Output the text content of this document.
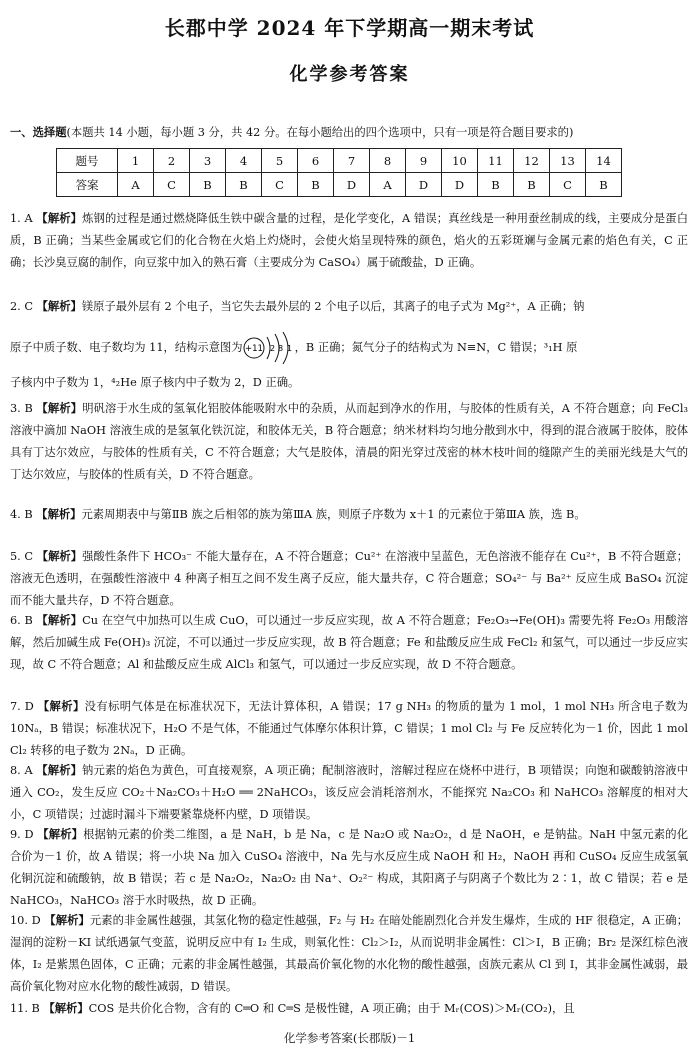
长郡中学 2024 年下学期高一期末考试
化学参考答案
一、选择题(本题共 14 小题，每小题 3 分，共 42 分。在每小题给出的四个选项中，只有一项是符合题目要求的)
题号	1	2	3	4	5	6	7	8	9	10	11	12	13	14
答案	A	C	B	B	C	B	D	A	D	D	B	B	C	B
1. A 【解析】炼钢的过程是通过燃烧降低生铁中碳含量的过程，是化学变化，A 错误；真丝线是一种用蚕丝制成的线，主要成分是蛋白质，B 正确；当某些金属或它们的化合物在火焰上灼烧时，会使火焰呈现特殊的颜色，焰火的五彩斑斓与金属元素的焰色有关，C 正确；长沙臭豆腐的制作，向豆浆中加入的熟石膏（主要成分为 CaSO₄）属于硫酸盐，D 正确。
2. C 【解析】镁原子最外层有 2 个电子，当它失去最外层的 2 个电子以后，其离子的电子式为 Mg²⁺，A 正确；钠
原子中质子数、电子数均为 11，结构示意图为 +11 2 8 1 ，B 正确；氮气分子的结构式为 N≡N，C 错误；³₁H 原
子核内中子数为 1，⁴₂He 原子核内中子数为 2，D 正确。
3. B 【解析】明矾溶于水生成的氢氧化铝胶体能吸附水中的杂质，从而起到净水的作用，与胶体的性质有关，A 不符合题意；向 FeCl₃ 溶液中滴加 NaOH 溶液生成的是氢氧化铁沉淀，和胶体无关，B 符合题意；纳米材料均匀地分散到水中，得到的混合液属于胶体，胶体具有丁达尔效应，与胶体的性质有关，C 不符合题意；大气是胶体，清晨的阳光穿过茂密的林木枝叶间的缝隙产生的美丽光线是大气的丁达尔效应，与胶体的性质有关，D 不符合题意。
4. B 【解析】元素周期表中与第ⅡB 族之后相邻的族为第ⅢA 族，则原子序数为 x＋1 的元素位于第ⅢA 族，选 B。
5. C 【解析】强酸性条件下 HCO₃⁻ 不能大量存在，A 不符合题意；Cu²⁺ 在溶液中呈蓝色，无色溶液不能存在 Cu²⁺，B 不符合题意；溶液无色透明，在强酸性溶液中 4 种离子相互之间不发生离子反应，能大量共存，C 符合题意；SO₄²⁻ 与 Ba²⁺ 反应生成 BaSO₄ 沉淀而不能大量共存，D 不符合题意。
6. B 【解析】Cu 在空气中加热可以生成 CuO，可以通过一步反应实现，故 A 不符合题意；Fe₂O₃→Fe(OH)₃ 需要先将 Fe₂O₃ 用酸溶解，然后加碱生成 Fe(OH)₃ 沉淀，不可以通过一步反应实现，故 B 符合题意；Fe 和盐酸反应生成 FeCl₂ 和氢气，可以通过一步反应实现，故 C 不符合题意；Al 和盐酸反应生成 AlCl₃ 和氢气，可以通过一步反应实现，故 D 不符合题意。
7. D 【解析】没有标明气体是在标准状况下，无法计算体积，A 错误；17 g NH₃ 的物质的量为 1 mol，1 mol NH₃ 所含电子数为 10Nₐ，B 错误；标准状况下，H₂O 不是气体，不能通过气体摩尔体积计算，C 错误；1 mol Cl₂ 与 Fe 反应转化为－1 价，因此 1 mol Cl₂ 转移的电子数为 2Nₐ，D 正确。
8. A 【解析】钠元素的焰色为黄色，可直接观察，A 项正确；配制溶液时，溶解过程应在烧杯中进行，B 项错误；向饱和碳酸钠溶液中通入 CO₂，发生反应 CO₂＋Na₂CO₃＋H₂O ══ 2NaHCO₃，该反应会消耗溶剂水，不能探究 Na₂CO₃ 和 NaHCO₃ 溶解度的相对大小，C 项错误；过滤时漏斗下端要紧靠烧杯内壁，D 项错误。
9. D 【解析】根据钠元素的价类二维图，a 是 NaH，b 是 Na，c 是 Na₂O 或 Na₂O₂，d 是 NaOH，e 是钠盐。NaH 中氢元素的化合价为－1 价，故 A 错误；将一小块 Na 加入 CuSO₄ 溶液中，Na 先与水反应生成 NaOH 和 H₂，NaOH 再和 CuSO₄ 反应生成氢氧化铜沉淀和硫酸钠，故 B 错误；若 c 是 Na₂O₂，Na₂O₂ 由 Na⁺、O₂²⁻ 构成，其阳离子与阴离子个数比为 2∶1，故 C 错误；若 e 是 NaHCO₃，NaHCO₃ 溶于水时吸热，故 D 正确。
10. D 【解析】元素的非金属性越强，其氢化物的稳定性越强，F₂ 与 H₂ 在暗处能剧烈化合并发生爆炸，生成的 HF 很稳定，A 正确；湿润的淀粉－KI 试纸遇氯气变蓝，说明反应中有 I₂ 生成，则氧化性：Cl₂＞I₂，从而说明非金属性：Cl＞I，B 正确；Br₂ 是深红棕色液体，I₂ 是紫黑色固体，C 正确；元素的非金属性越强，其最高价氧化物的水化物的酸性越强，卤族元素从 Cl 到 I，其非金属性减弱，最高价氧化物对应水化物的酸性减弱，D 错误。
11. B 【解析】COS 是共价化合物，含有的 C═O 和 C═S 是极性键，A 项正确；由于 Mᵣ(COS)＞Mᵣ(CO₂)，且
化学参考答案(长郡版)－1
